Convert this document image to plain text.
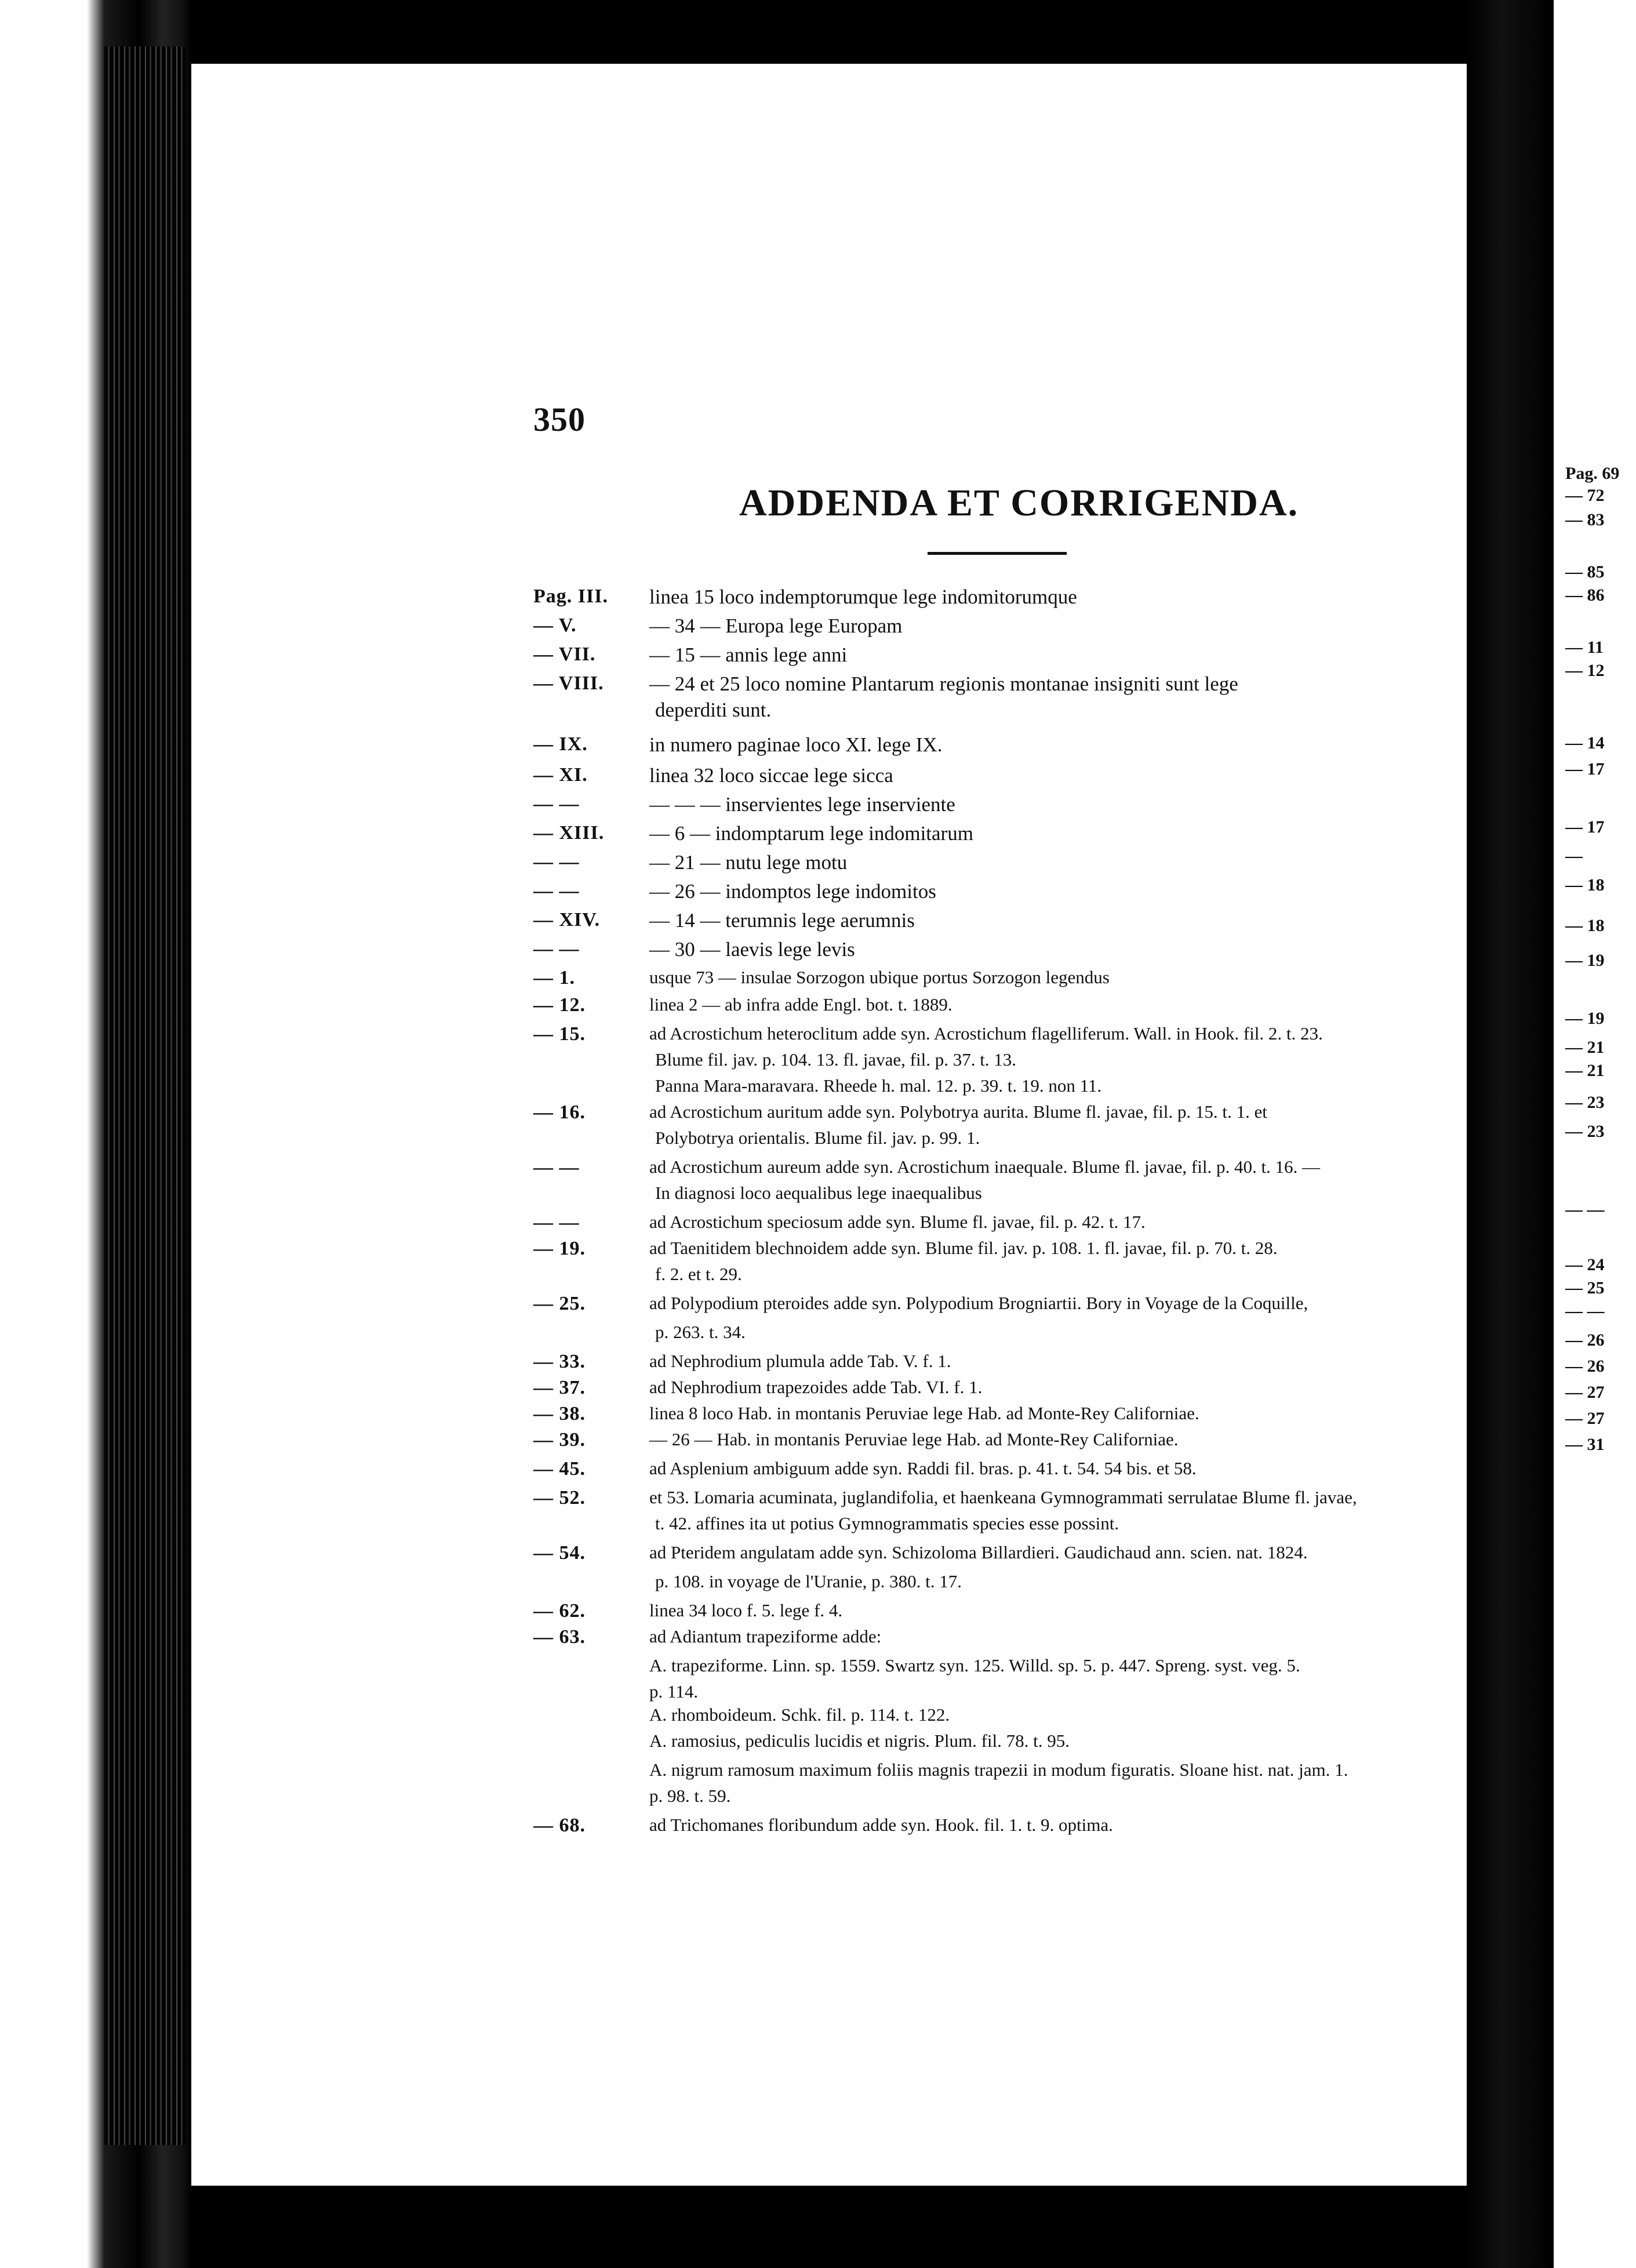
Pag. 69
— 72
— 83
— 85
— 86
— 11
— 12
— 14
— 17
— 17
—
— 18
— 18
— 19
— 19
— 21
— 21
— 23
— 23
— —
— 24
— 25
— —
— 26
— 26
— 27
— 27
— 31
350
ADDENDA ET CORRIGENDA.
Pag. III.	linea 15 loco indemptorumque lege indomitorumque
— V.	— 34 — Europa lege Europam
— VII.	— 15 — annis lege anni
— VIII.	— 24 et 25 loco nomine Plantarum regionis montanae insigniti sunt lege
deperditi sunt.
— IX.	in numero paginae loco XI. lege IX.
— XI.	linea 32 loco siccae lege sicca
— —	— — — inservientes lege inserviente
— XIII.	— 6 — indomptarum lege indomitarum
— —	— 21 — nutu lege motu
— —	— 26 — indomptos lege indomitos
— XIV.	— 14 — terumnis lege aerumnis
— —	— 30 — laevis lege levis
— 1.	usque 73 — insulae Sorzogon ubique portus Sorzogon legendus
— 12.	linea 2 — ab infra adde Engl. bot. t. 1889.
— 15.	ad Acrostichum heteroclitum adde syn. Acrostichum flagelliferum. Wall. in Hook. fil. 2. t. 23.
Blume fil. jav. p. 104. 13. fl. javae, fil. p. 37. t. 13.
Panna Mara-maravara. Rheede h. mal. 12. p. 39. t. 19. non 11.
— 16.	ad Acrostichum auritum adde syn. Polybotrya aurita. Blume fl. javae, fil. p. 15. t. 1. et
Polybotrya orientalis. Blume fil. jav. p. 99. 1.
— —	ad Acrostichum aureum adde syn. Acrostichum inaequale. Blume fl. javae, fil. p. 40. t. 16. —
In diagnosi loco aequalibus lege inaequalibus
— —	ad Acrostichum speciosum adde syn. Blume fl. javae, fil. p. 42. t. 17.
— 19.	ad Taenitidem blechnoidem adde syn. Blume fil. jav. p. 108. 1. fl. javae, fil. p. 70. t. 28.
f. 2. et t. 29.
— 25.	ad Polypodium pteroides adde syn. Polypodium Brogniartii. Bory in Voyage de la Coquille,
p. 263. t. 34.
— 33.	ad Nephrodium plumula adde Tab. V. f. 1.
— 37.	ad Nephrodium trapezoides adde Tab. VI. f. 1.
— 38.	linea 8 loco Hab. in montanis Peruviae lege Hab. ad Monte-Rey Californiae.
— 39.	— 26 — Hab. in montanis Peruviae lege Hab. ad Monte-Rey Californiae.
— 45.	ad Asplenium ambiguum adde syn. Raddi fil. bras. p. 41. t. 54. 54 bis. et 58.
— 52.	et 53. Lomaria acuminata, juglandifolia, et haenkeana Gymnogrammati serrulatae Blume fl. javae,
t. 42. affines ita ut potius Gymnogrammatis species esse possint.
— 54.	ad Pteridem angulatam adde syn. Schizoloma Billardieri. Gaudichaud ann. scien. nat. 1824.
p. 108. in voyage de l'Uranie, p. 380. t. 17.
— 62.	linea 34 loco f. 5. lege f. 4.
— 63.	ad Adiantum trapeziforme adde:
A. trapeziforme. Linn. sp. 1559. Swartz syn. 125. Willd. sp. 5. p. 447. Spreng. syst. veg. 5.
p. 114.
A. rhomboideum. Schk. fil. p. 114. t. 122.
A. ramosius, pediculis lucidis et nigris. Plum. fil. 78. t. 95.
A. nigrum ramosum maximum foliis magnis trapezii in modum figuratis. Sloane hist. nat. jam. 1.
p. 98. t. 59.
— 68.	ad Trichomanes floribundum adde syn. Hook. fil. 1. t. 9. optima.
